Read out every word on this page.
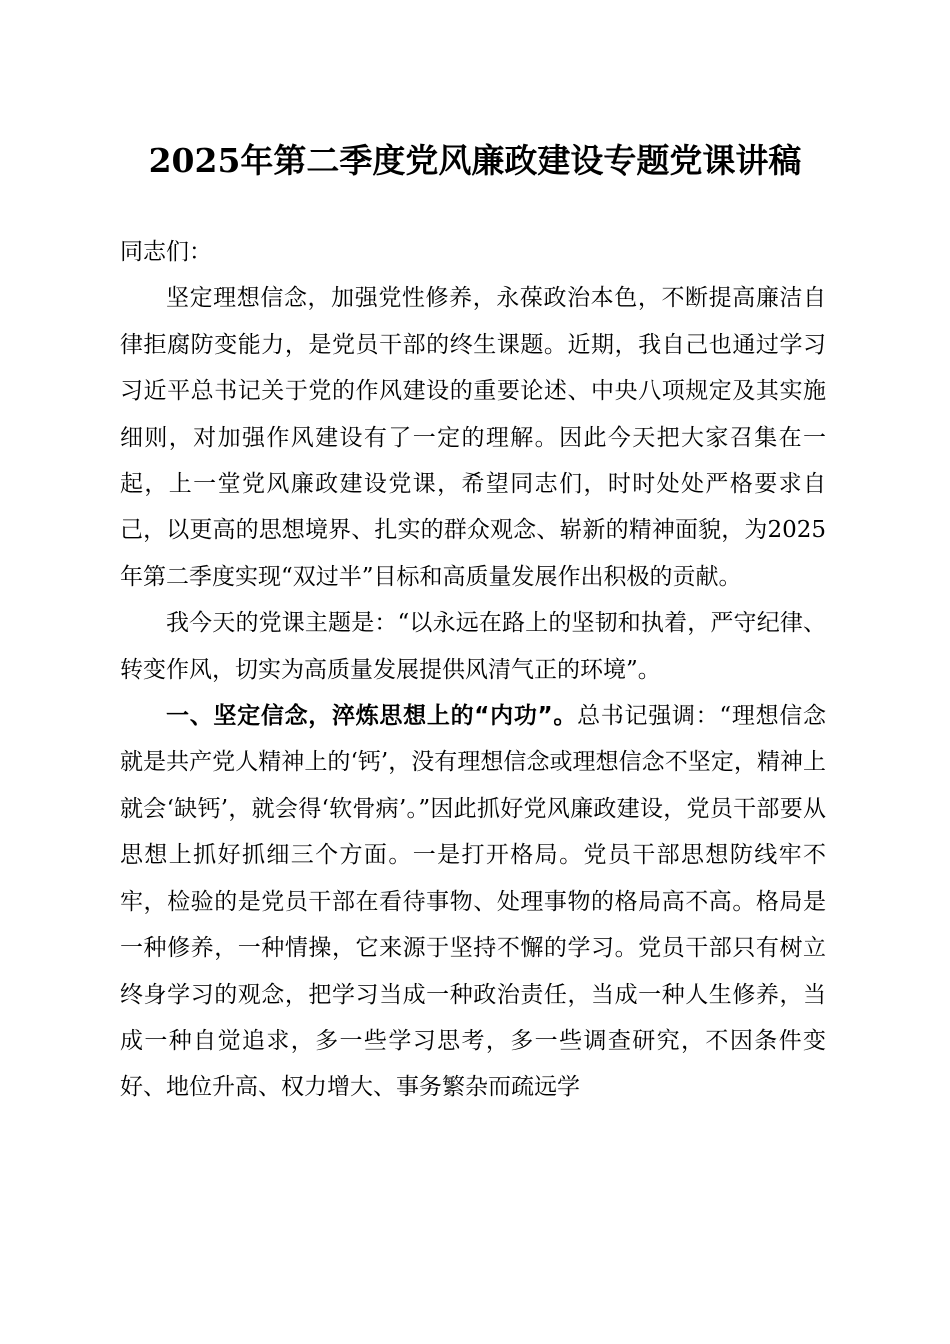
2025年第二季度党风廉政建设专题党课讲稿

同志们：

坚定理想信念，加强党性修养，永葆政治本色，不断提高廉洁自律拒腐防变能力，是党员干部的终生课题。近期，我自己也通过学习习近平总书记关于党的作风建设的重要论述、中央八项规定及其实施细则，对加强作风建设有了一定的理解。因此今天把大家召集在一起，上一堂党风廉政建设党课，希望同志们，时时处处严格要求自己，以更高的思想境界、扎实的群众观念、崭新的精神面貌，为2025年第二季度实现“双过半”目标和高质量发展作出积极的贡献。

我今天的党课主题是：“以永远在路上的坚韧和执着，严守纪律、转变作风，切实为高质量发展提供风清气正的环境”。

一、坚定信念，淬炼思想上的“内功”。总书记强调：“理想信念就是共产党人精神上的‘钙’，没有理想信念或理想信念不坚定，精神上就会‘缺钙’，就会得‘软骨病’。”因此抓好党风廉政建设，党员干部要从思想上抓好抓细三个方面。一是打开格局。党员干部思想防线牢不牢，检验的是党员干部在看待事物、处理事物的格局高不高。格局是一种修养，一种情操，它来源于坚持不懈的学习。党员干部只有树立终身学习的观念，把学习当成一种政治责任，当成一种人生修养，当成一种自觉追求，多一些学习思考，多一些调查研究，不因条件变好、地位升高、权力增大、事务繁杂而疏远学
